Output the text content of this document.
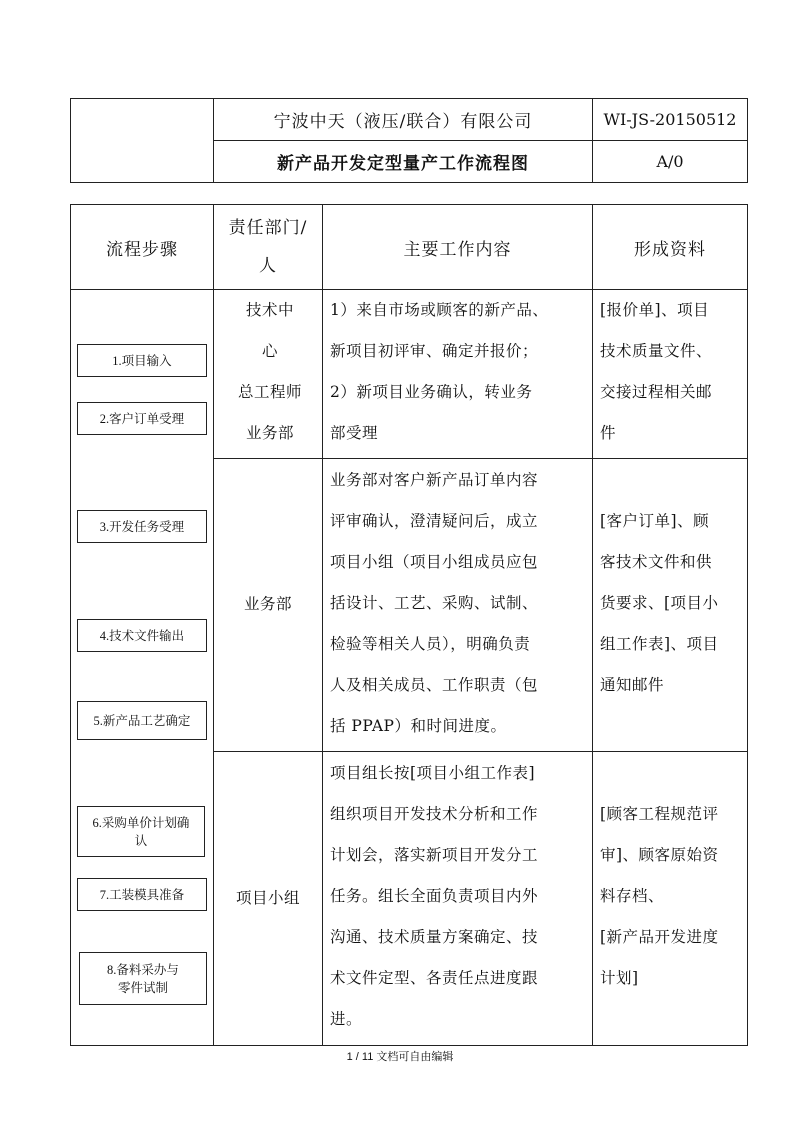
宁波中天（液压/联合）有限公司
新产品开发定型量产工作流程图
WI-JS-20150512
A/0
流程步骤
责任部门/
人
主要工作内容	形成资料
技术中
心
总工程师
业务部
1）来自市场或顾客的新产品、
新项目初评审、确定并报价；
2）新项目业务确认，转业务
部受理
[报价单]、项目
技术质量文件、
交接过程相关邮
件
业务部
业务部对客户新产品订单内容
评审确认，澄清疑问后，成立
项目小组（项目小组成员应包
括设计、工艺、采购、试制、
检验等相关人员），明确负责
人及相关成员、工作职责（包
括 PPAP）和时间进度。
[客户订单]、顾
客技术文件和供
货要求、[项目小
组工作表]、项目
通知邮件
项目小组
项目组长按[项目小组工作表]
组织项目开发技术分析和工作
计划会，落实新项目开发分工
任务。组长全面负责项目内外
沟通、技术质量方案确定、技
术文件定型、各责任点进度跟
进。
[顾客工程规范评
审]、顾客原始资
料存档、
[新产品开发进度
计划]
1.项目输入
2.客户订单受理
3.开发任务受理
4.技术文件输出
5.新产品工艺确定
6.采购单价计划确
认
7.工装模具准备
8.备料采办与
零件试制
1 / 11 文档可自由编辑
